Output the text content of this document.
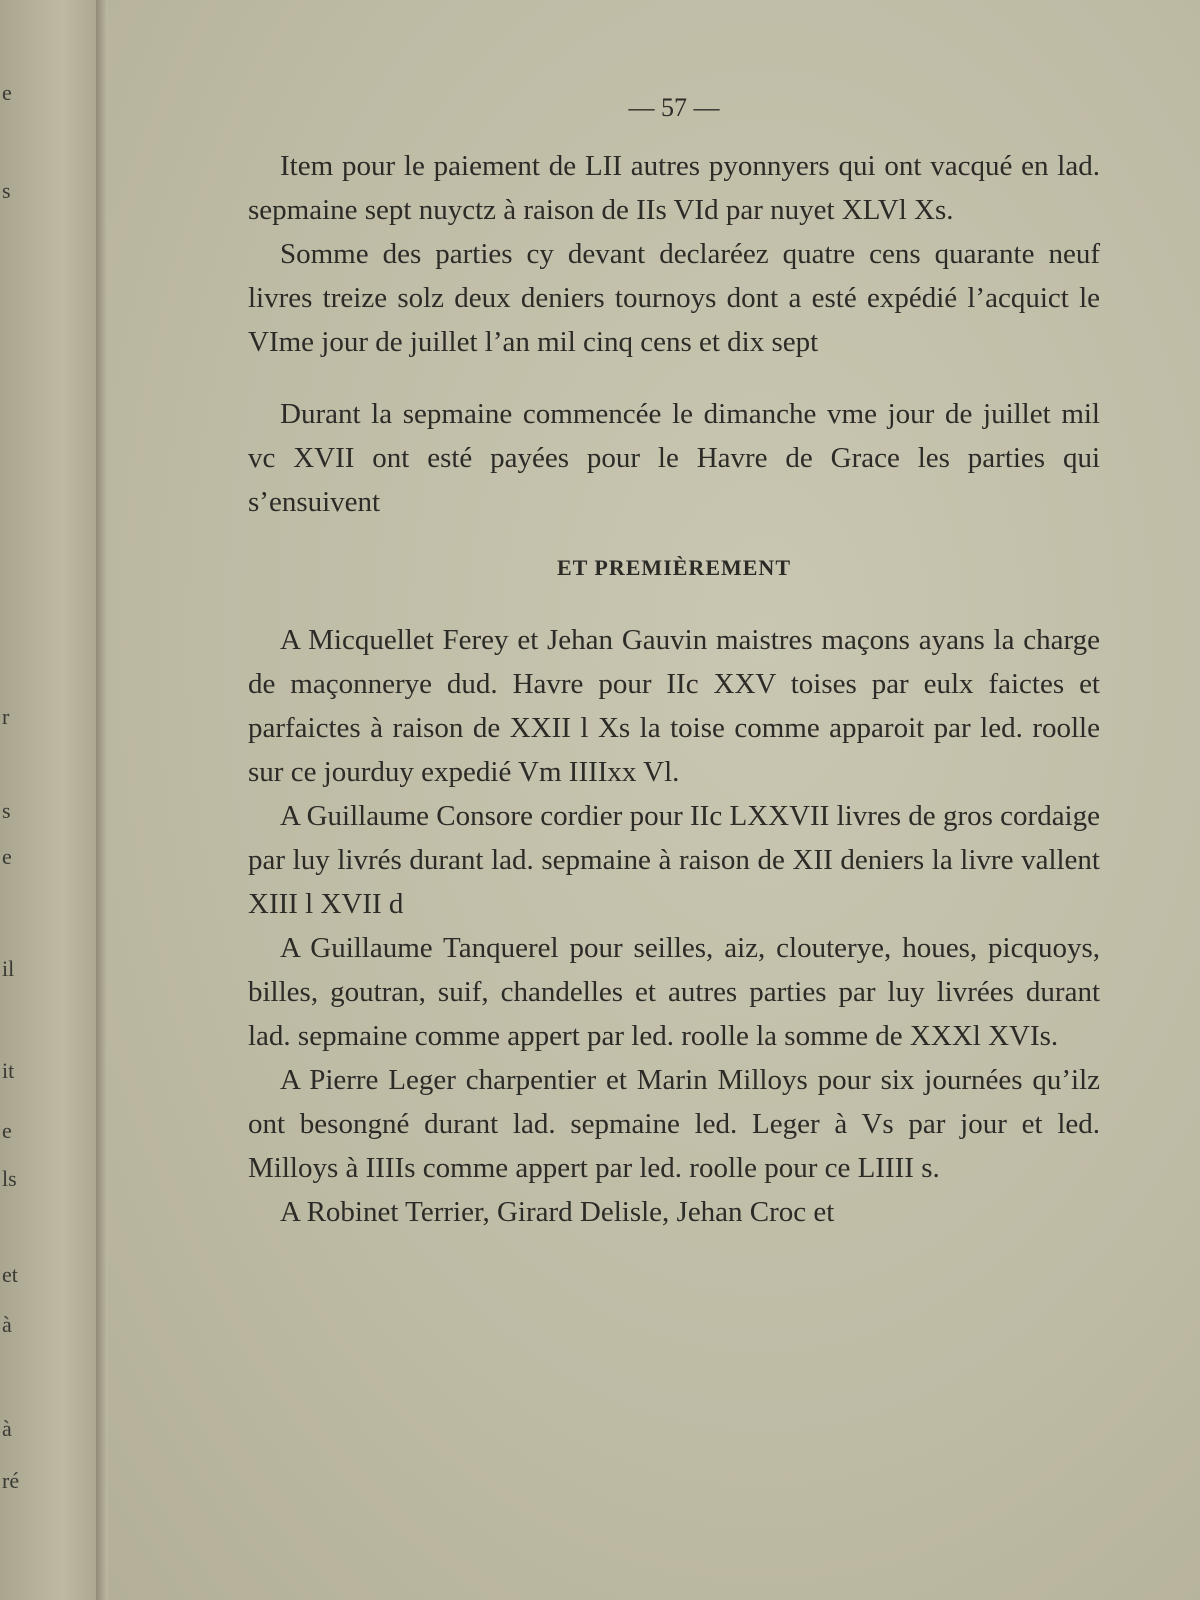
e
s
r
s
e
il
it
e
ls
et
à
à
ré
— 57 —

Item pour le paiement de LII autres pyonnyers qui ont vacqué en lad. sepmaine sept nuyctz à raison de IIs VId par nuyet XLVl Xs.

Somme des parties cy devant declaréez quatre cens quarante neuf livres treize solz deux deniers tournoys dont a esté expédié l’acquict le VIme jour de juillet l’an mil cinq cens et dix sept

Durant la sepmaine commencée le dimanche vme jour de juillet mil vc XVII ont esté payées pour le Havre de Grace les parties qui s’ensuivent

ET PREMIÈREMENT

A Micquellet Ferey et Jehan Gauvin maistres maçons ayans la charge de maçonnerye dud. Havre pour IIc XXV toises par eulx faictes et parfaictes à raison de XXII l Xs la toise comme apparoit par led. roolle sur ce jourduy expedié Vm IIIIxx Vl.

A Guillaume Consore cordier pour IIc LXXVII livres de gros cordaige par luy livrés durant lad. sepmaine à raison de XII deniers la livre vallent XIII l XVII d

A Guillaume Tanquerel pour seilles, aiz, clouterye, houes, picquoys, billes, goutran, suif, chandelles et autres parties par luy livrées durant lad. sepmaine comme appert par led. roolle la somme de XXXl XVIs.

A Pierre Leger charpentier et Marin Milloys pour six journées qu’ilz ont besongné durant lad. sepmaine led. Leger à Vs par jour et led. Milloys à IIIIs comme appert par led. roolle pour ce LIIII s.

A Robinet Terrier, Girard Delisle, Jehan Croc et
